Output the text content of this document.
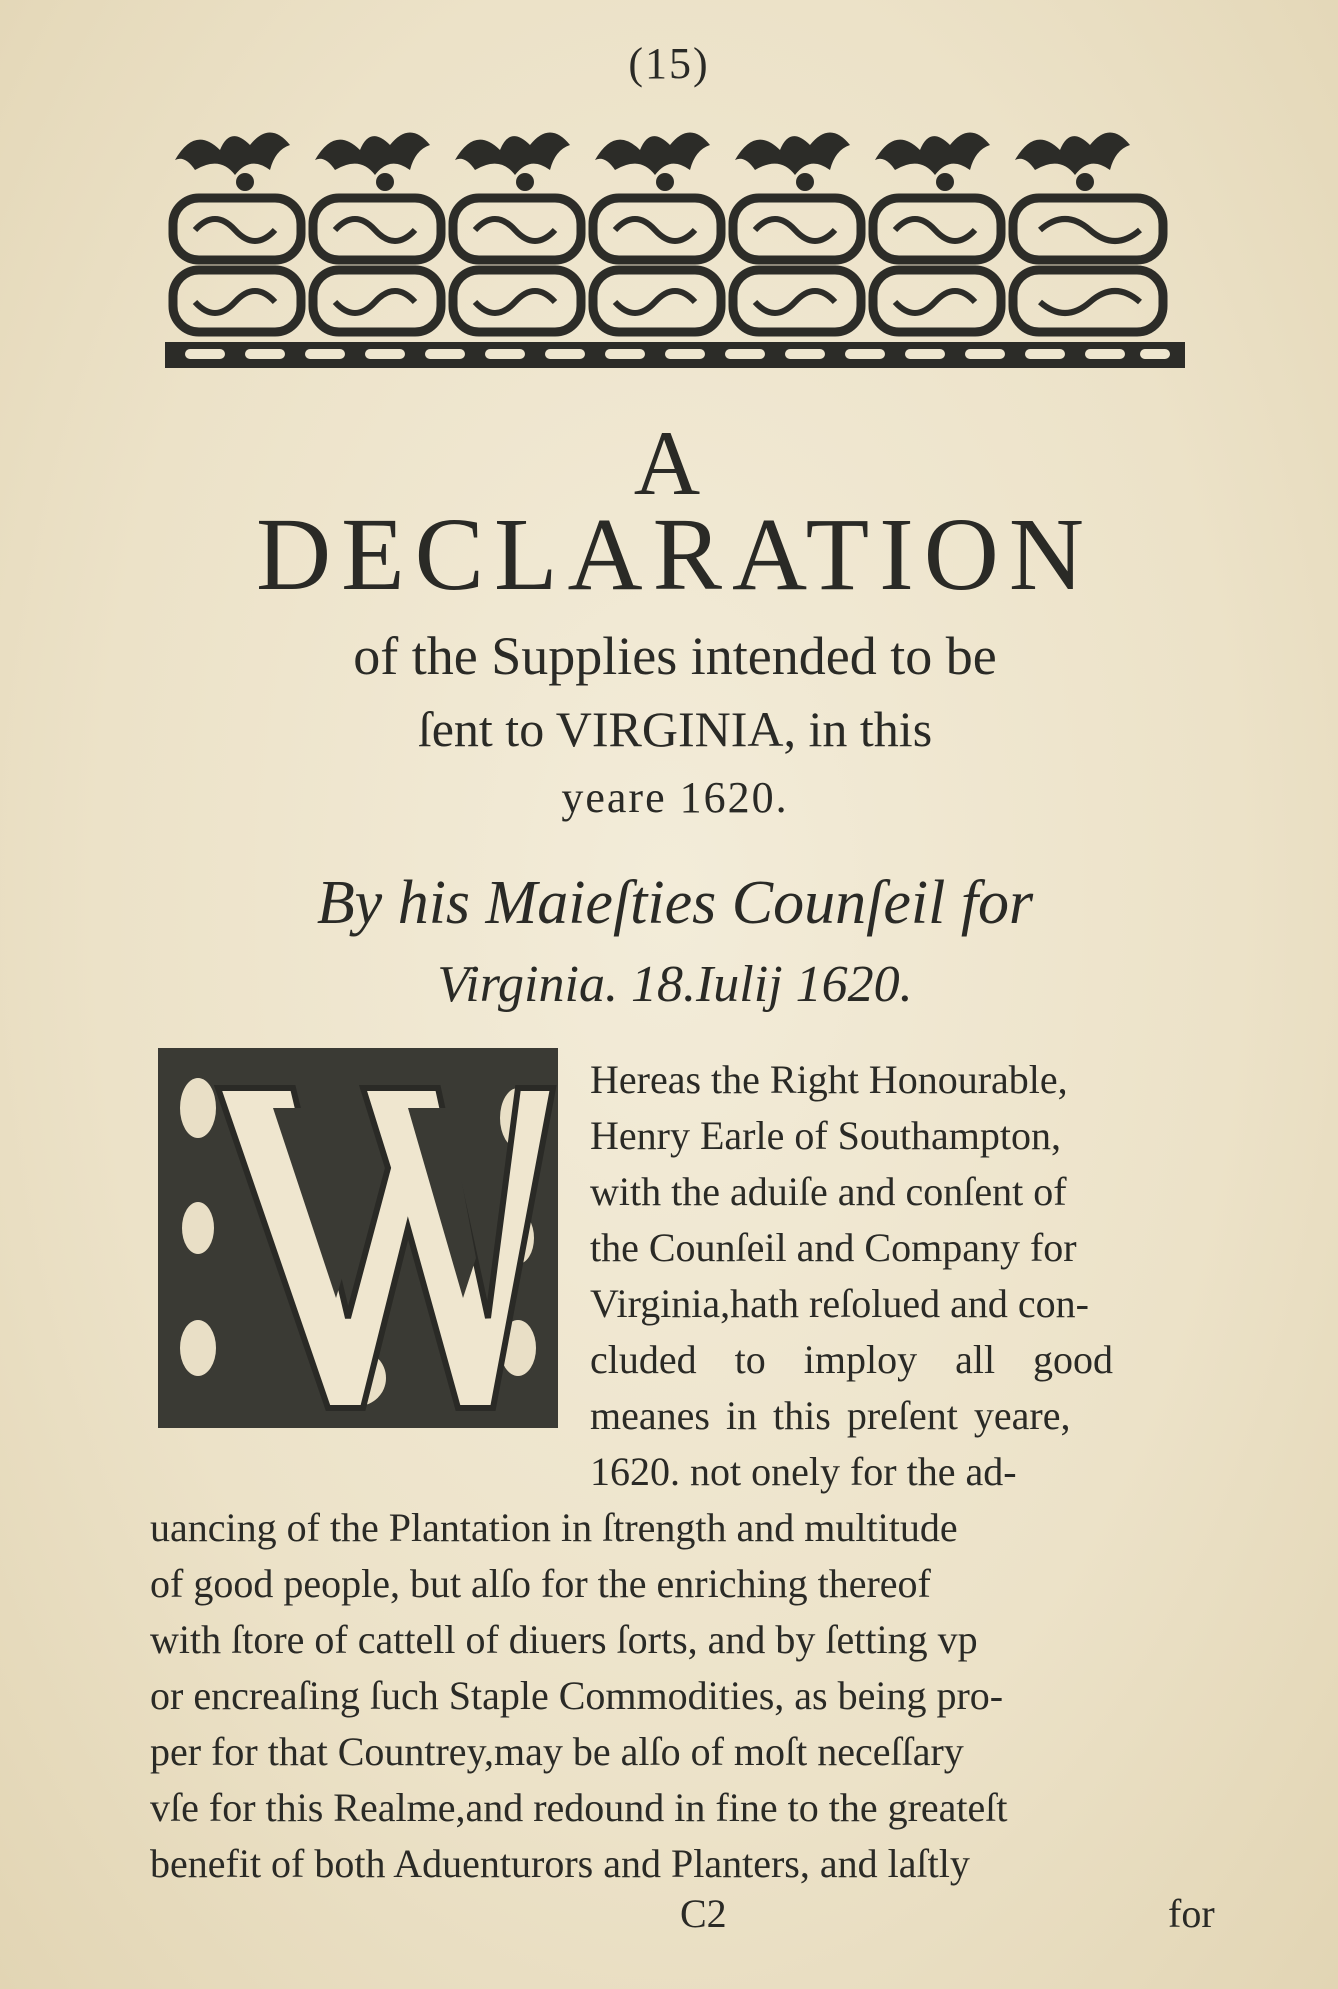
(15)
A
DECLARATION
of the Supplies intended to be
ſent to VIRGINIA, in this
yeare 1620.
By his Maieſties Counſeil for
Virginia. 18.Iulij 1620.
Hereas the Right Honourable,
Henry Earle of Southampton,
with the aduiſe and conſent of
the Counſeil and Company for
Virginia,hath reſolued and con-
cluded to imploy all good
meanes in this preſent yeare,
1620. not onely for the ad-
uancing of the Plantation in ſtrength and multitude
of good people, but alſo for the enriching thereof
with ſtore of cattell of diuers ſorts, and by ſetting vp
or encreaſing ſuch Staple Commodities, as being pro-
per for that Countrey,may be alſo of moſt neceſſary
vſe for this Realme,and redound in fine to the greateſt
benefit of both Aduenturors and Planters, and laſtly
C2	for
